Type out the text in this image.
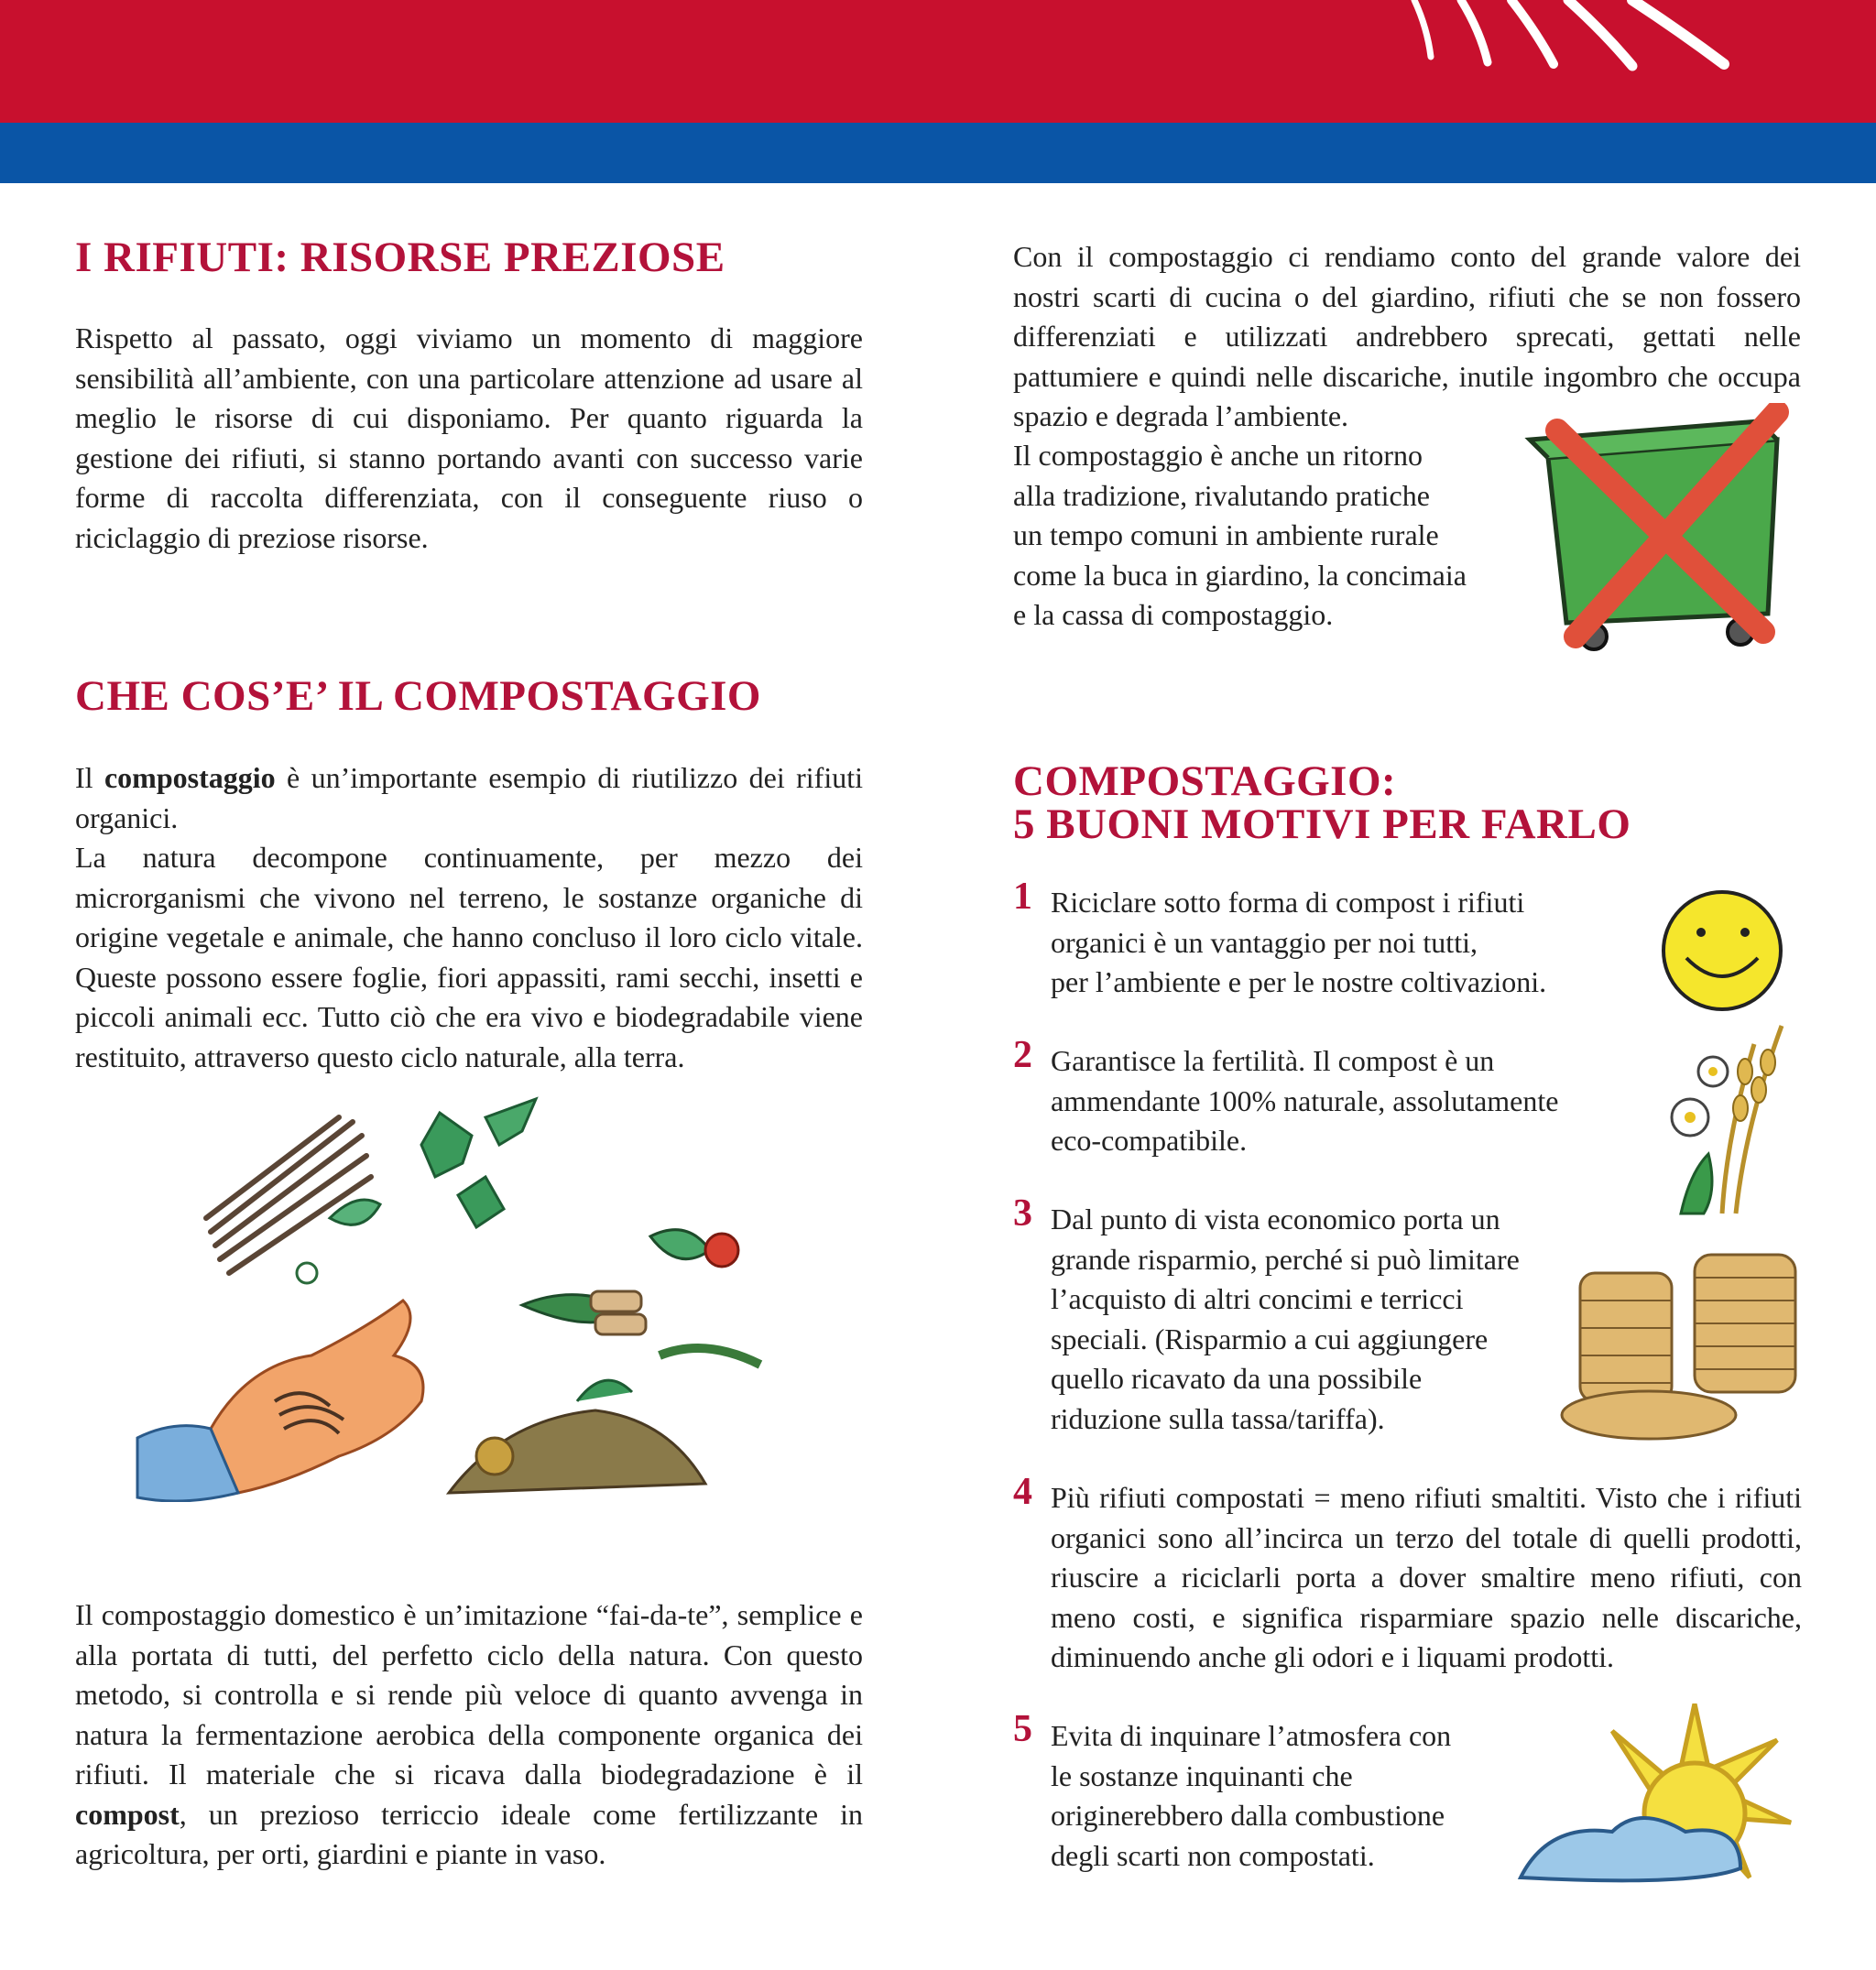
I RIFIUTI: RISORSE PREZIOSE

Rispetto al passato, oggi viviamo un momento di maggiore sensibilità all’ambiente, con una particolare attenzione ad usare al meglio le risorse di cui disponiamo. Per quanto riguarda la gestione dei rifiuti, si stanno portando avanti con successo varie forme di raccolta differenziata, con il conseguente riuso o riciclaggio di preziose risorse.

CHE COS’E’ IL COMPOSTAGGIO

Il compostaggio è un’importante esempio di riutilizzo dei rifiuti organici.

La natura decompone continuamente, per mezzo dei microrganismi che vivono nel terreno, le sostanze organiche di origine vegetale e animale, che hanno concluso il loro ciclo vitale. Queste possono essere foglie, fiori appassiti, rami secchi, insetti e piccoli animali ecc. Tutto ciò che era vivo e biodegradabile viene restituito, attraverso questo ciclo naturale, alla terra.

Il compostaggio domestico è un’imitazione “fai-da-te”, semplice e alla portata di tutti, del perfetto ciclo della natura. Con questo metodo, si controlla e si rende più veloce di quanto avvenga in natura la fermentazione aerobica della componente organica dei rifiuti. Il materiale che si ricava dalla biodegradazione è il compost, un prezioso terriccio ideale come fertilizzante in agricoltura, per orti, giardini e piante in vaso.

Con il compostaggio ci rendiamo conto del grande valore dei nostri scarti di cucina o del giardino, rifiuti che se non fossero differenziati e utilizzati andrebbero sprecati, gettati nelle pattumiere e quindi nelle discariche, inutile ingombro che occupa spazio e degrada l’ambiente.

Il compostaggio è anche un ritorno
alla tradizione, rivalutando pratiche
un tempo comuni in ambiente rurale
come la buca in giardino, la concimaia
e la cassa di compostaggio.
COMPOSTAGGIO:
5 BUONI MOTIVI PER FARLO
1 Riciclare sotto forma di compost i rifiuti
organici è un vantaggio per noi tutti,
per l’ambiente e per le nostre coltivazioni.
2 Garantisce la fertilità. Il compost è un
ammendante 100% naturale, assolutamente
eco-compatibile.
3 Dal punto di vista economico porta un
grande risparmio, perché si può limitare
l’acquisto di altri concimi e terricci
speciali. (Risparmio a cui aggiungere
quello ricavato da una possibile
riduzione sulla tassa/tariffa).
4 Più rifiuti compostati = meno rifiuti smaltiti. Visto che i rifiuti organici sono all’incirca un terzo del totale di quelli prodotti, riuscire a riciclarli porta a dover smaltire meno rifiuti, con meno costi, e significa risparmiare spazio nelle discariche, diminuendo anche gli odori e i liquami prodotti.

5 Evita di inquinare l’atmosfera con
le sostanze inquinanti che
originerebbero dalla combustione
degli scarti non compostati.
